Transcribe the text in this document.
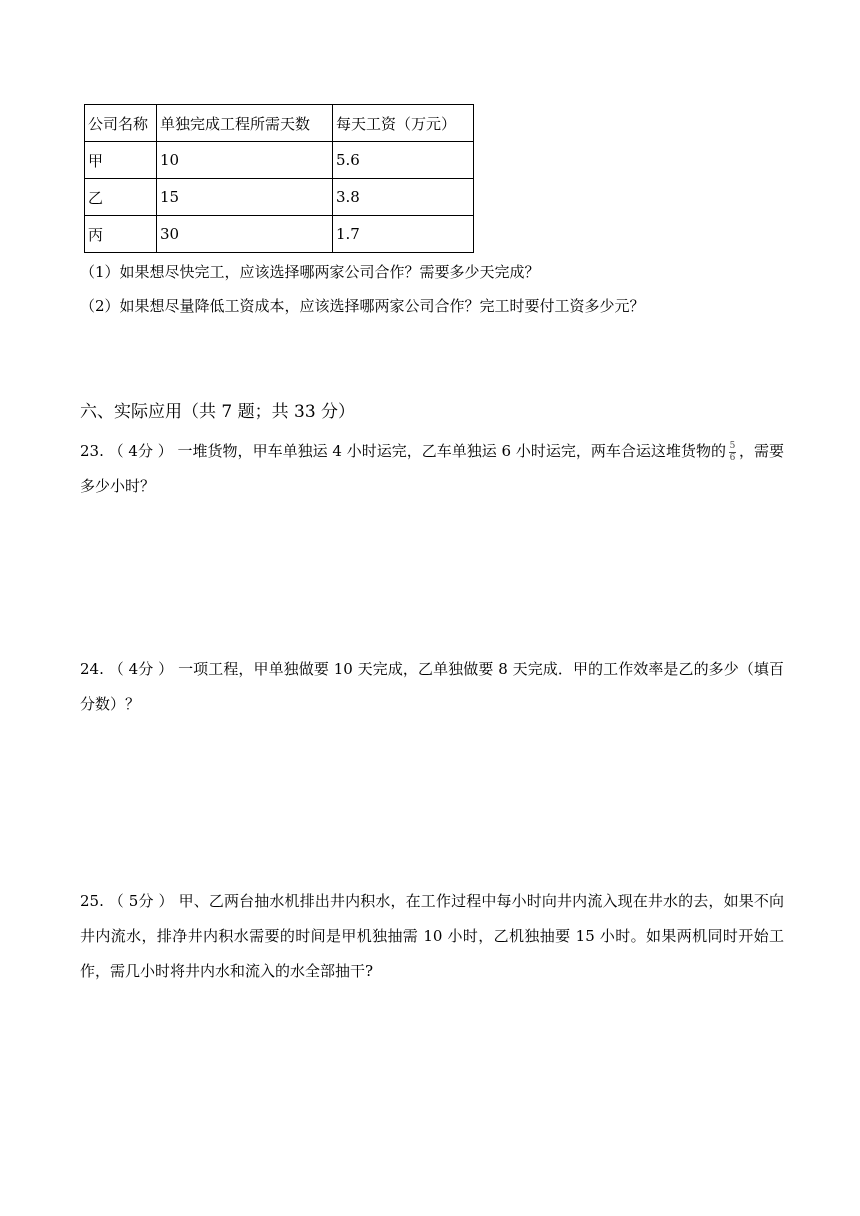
公司名称	单独完成工程所需天数	每天工资（万元）
甲	10	5.6
乙	15	3.8
丙	30	1.7
（1）如果想尽快完工，应该选择哪两家公司合作？需要多少天完成？
（2）如果想尽量降低工资成本，应该选择哪两家公司合作？完工时要付工资多少元？
六、实际应用（共 7 题；共 33 分）
23. （ 4分 ） 一堆货物，甲车单独运 4 小时运完，乙车单独运 6 小时运完，两车合运这堆货物的 $\frac{5}{6}$ ，需要多少小时？
24. （ 4分 ） 一项工程，甲单独做要 10 天完成，乙单独做要 8 天完成．甲的工作效率是乙的多少（填百分数）？
25. （ 5分 ） 甲、乙两台抽水机排出井内积水，在工作过程中每小时向井内流入现在井水的去，如果不向井内流水，排净井内积水需要的时间是甲机独抽需 10 小时，乙机独抽要 15 小时。如果两机同时开始工作，需几小时将井内水和流入的水全部抽干?
